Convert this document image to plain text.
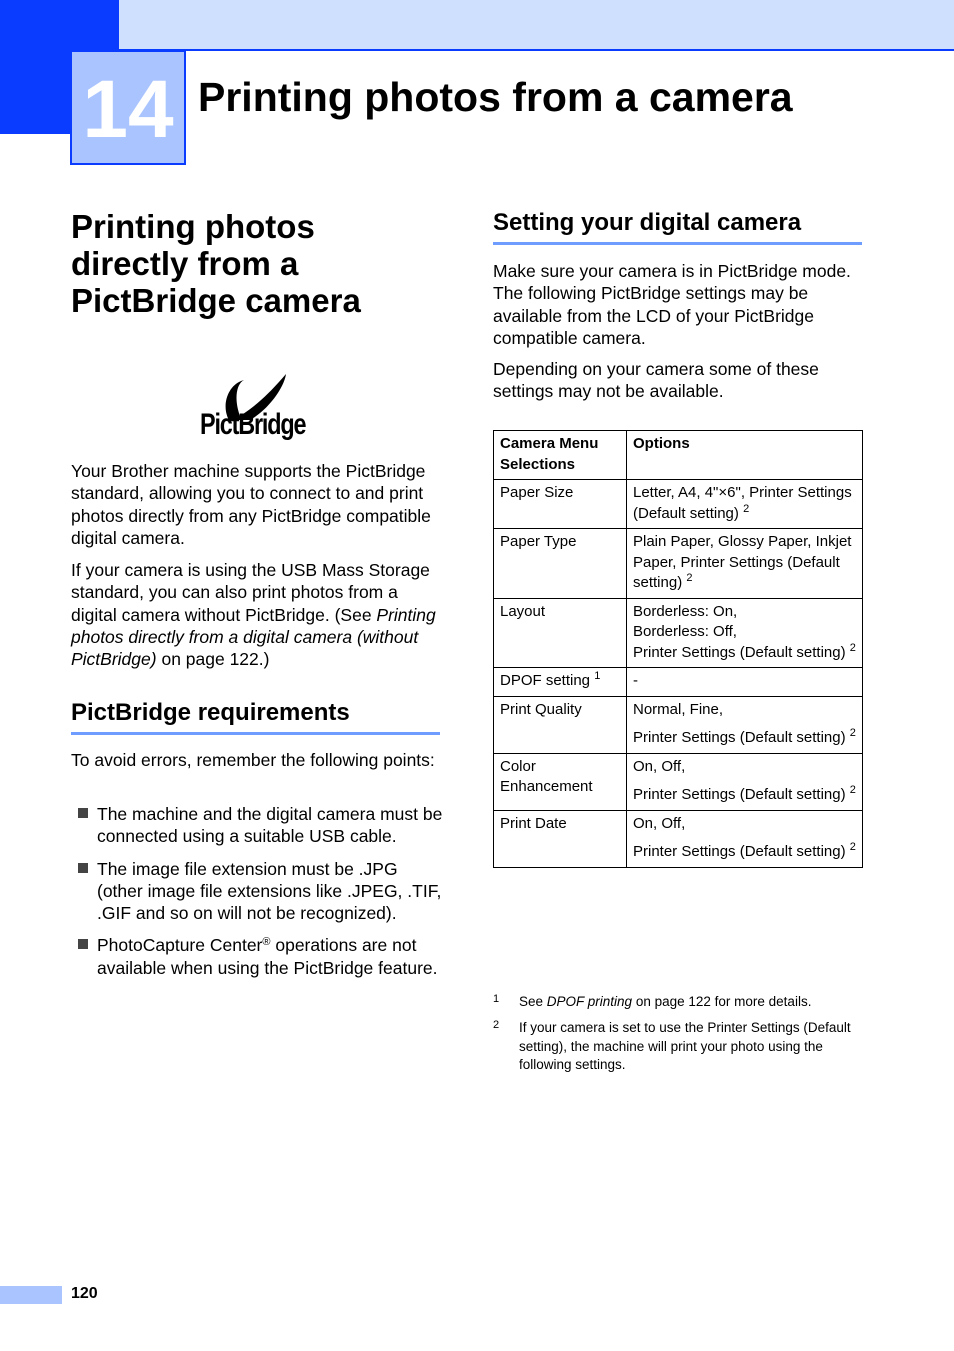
14 Printing photos from a camera
Printing photos
directly from a
PictBridge camera
PictBridge

Your Brother machine supports the PictBridge standard, allowing you to connect to and print photos directly from any PictBridge compatible digital camera.

If your camera is using the USB Mass Storage standard, you can also print photos from a digital camera without PictBridge. (See Printing photos directly from a digital camera (without PictBridge) on page 122.)

PictBridge requirements

To avoid errors, remember the following points:

The machine and the digital camera must be connected using a suitable USB cable.
The image file extension must be .JPG (other image file extensions like .JPEG, .TIF, .GIF and so on will not be recognized).
PhotoCapture Center® operations are not available when using the PictBridge feature.
Setting your digital camera

Make sure your camera is in PictBridge mode. The following PictBridge settings may be available from the LCD of your PictBridge compatible camera.

Depending on your camera some of these settings may not be available.

Camera Menu Selections	Options
Paper Size	Letter, A4, 4"×6", Printer Settings (Default setting) $^2$
Paper Type	Plain Paper, Glossy Paper, Inkjet Paper, Printer Settings (Default setting) $^2$
Layout	Borderless: On,
Borderless: Off,
Printer Settings (Default setting) $^2$
DPOF setting $^1$	-
Print Quality	Normal, Fine,
Printer Settings (Default setting) $^2$
Color Enhancement	On, Off,
Printer Settings (Default setting) $^2$
Print Date	On, Off,
Printer Settings (Default setting) $^2$
1 See DPOF printing on page 122 for more details.
2 If your camera is set to use the Printer Settings (Default setting), the machine will print your photo using the following settings.
120
